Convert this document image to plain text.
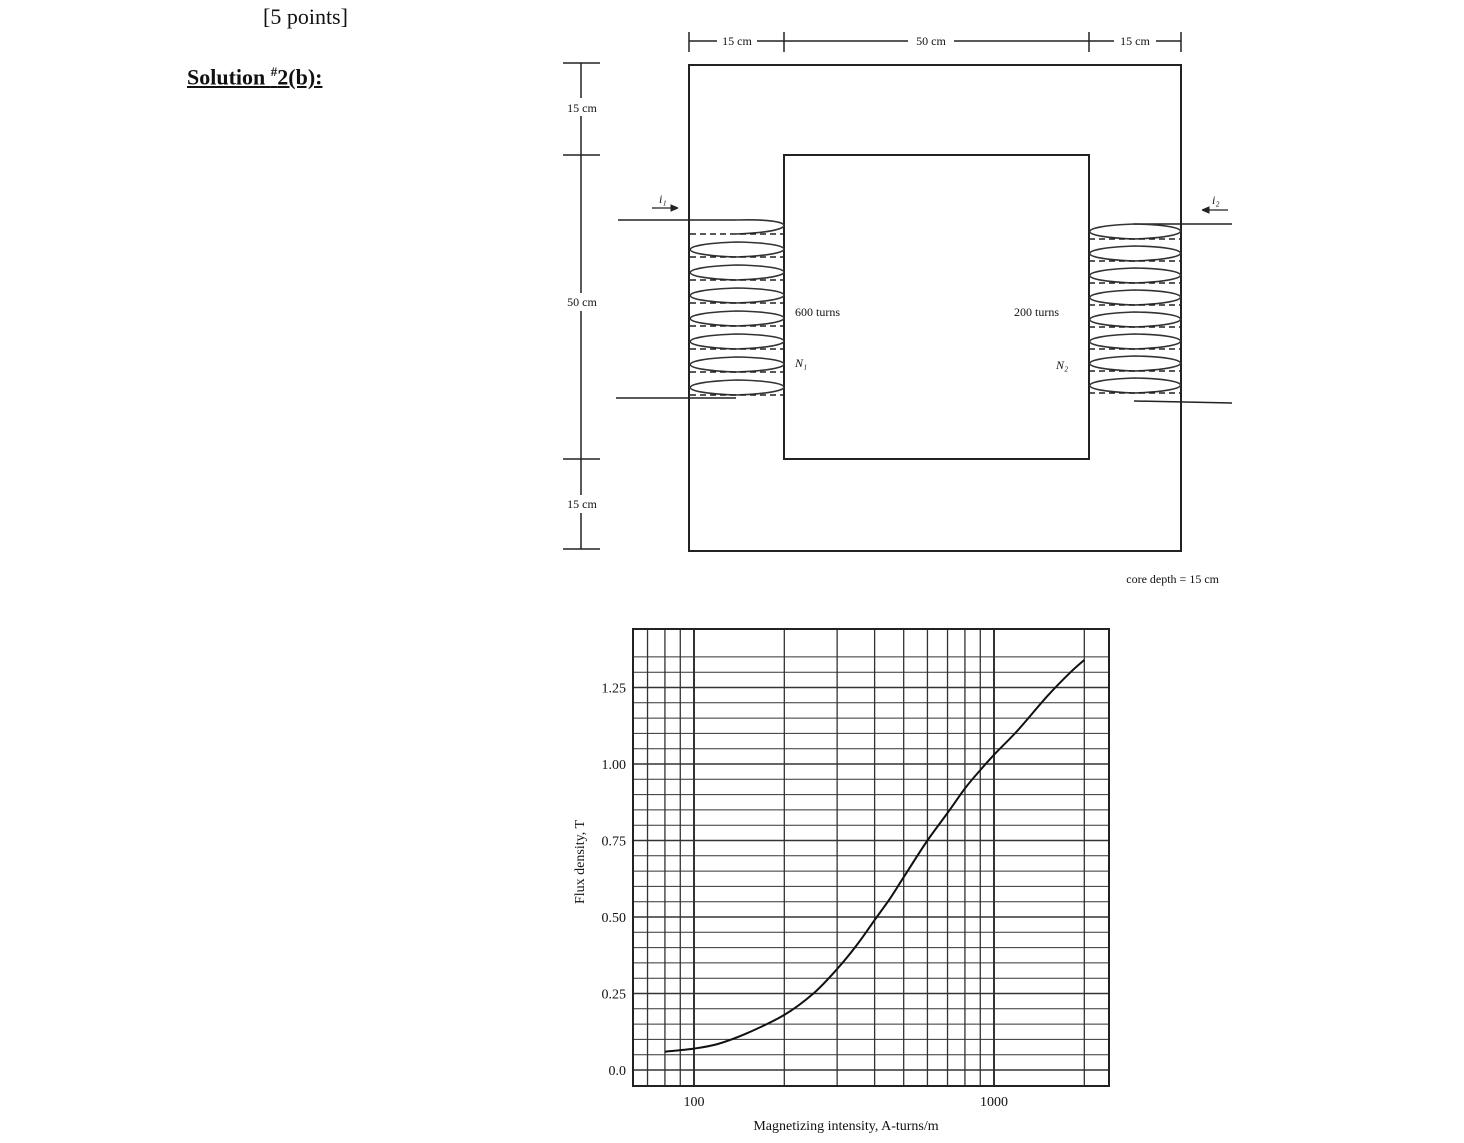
[5 points]
Solution #2(b):
15 cm	50 cm	15 cm
15 cm
50 cm
15 cm
i₁
600 turns
N₁
i₂
200 turns
N₂
core depth = 15 cm
0.0
0.25
0.50
0.75
1.00
1.25
100	1000
Magnetizing intensity, A-turns/m
Flux density, T
